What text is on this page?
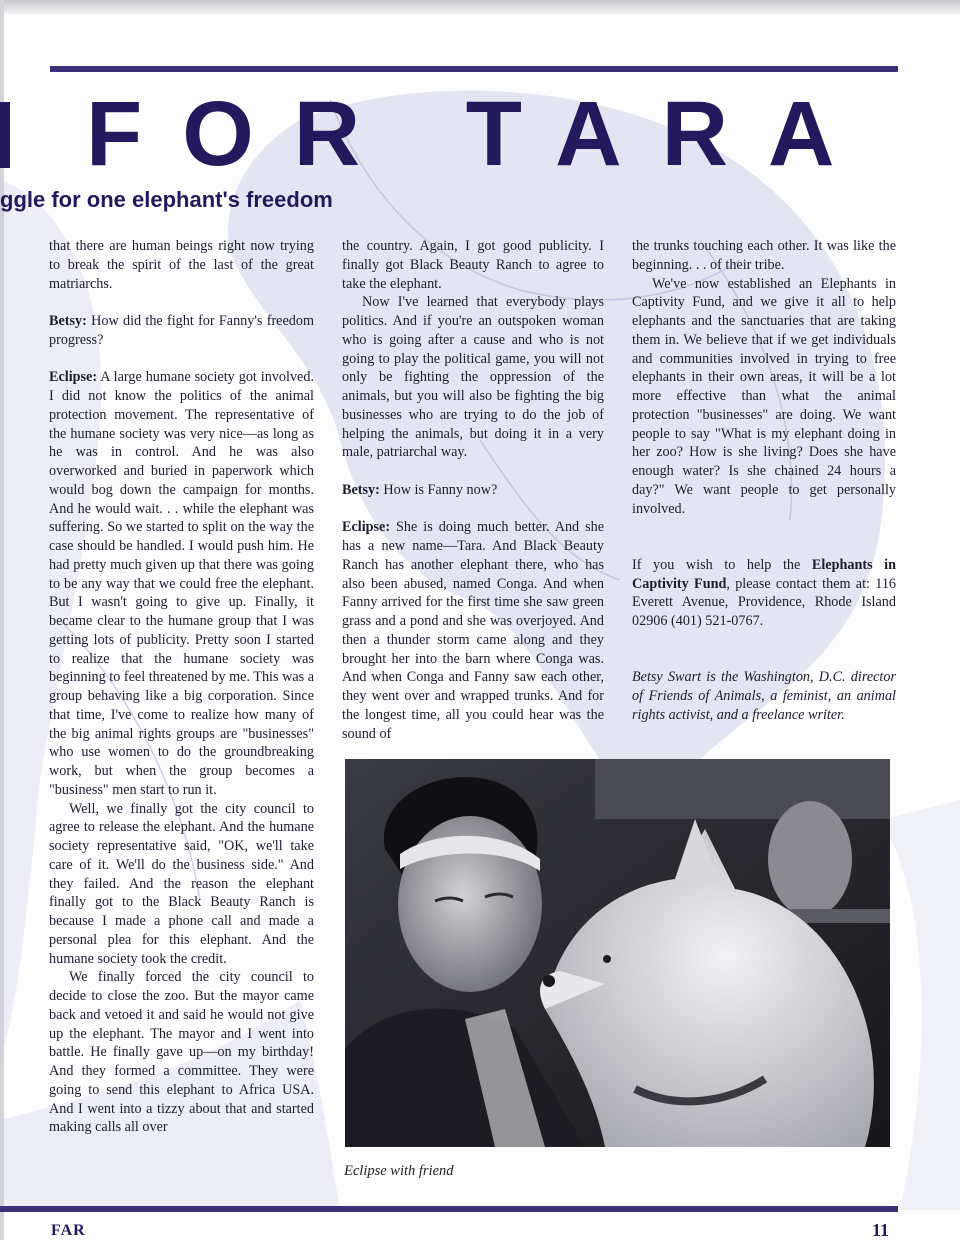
FOR TARA
ggle for one elephant's freedom

that there are human beings right now trying to break the spirit of the last of the great matriarchs.

Betsy: How did the fight for Fanny's freedom progress?

Eclipse: A large humane society got involved. I did not know the politics of the animal protection movement. The representative of the humane society was very nice—as long as he was in control. And he was also overworked and buried in paperwork which would bog down the campaign for months. And he would wait. . . while the elephant was suffering. So we started to split on the way the case should be handled. I would push him. He had pretty much given up that there was going to be any way that we could free the elephant. But I wasn't going to give up. Finally, it became clear to the humane group that I was getting lots of publicity. Pretty soon I started to realize that the humane society was beginning to feel threatened by me. This was a group behaving like a big corporation. Since that time, I've come to realize how many of the big animal rights groups are "businesses" who use women to do the groundbreaking work, but when the group becomes a "business" men start to run it.

Well, we finally got the city council to agree to release the elephant. And the humane society representative said, "OK, we'll take care of it. We'll do the business side." And they failed. And the reason the elephant finally got to the Black Beauty Ranch is because I made a phone call and made a personal plea for this elephant. And the humane society took the credit.

We finally forced the city council to decide to close the zoo. But the mayor came back and vetoed it and said he would not give up the elephant. The mayor and I went into battle. He finally gave up—on my birthday! And they formed a committee. They were going to send this elephant to Africa USA. And I went into a tizzy about that and started making calls all over

the country. Again, I got good publicity. I finally got Black Beauty Ranch to agree to take the elephant.

Now I've learned that everybody plays politics. And if you're an outspoken woman who is going after a cause and who is not going to play the political game, you will not only be fighting the oppression of the animals, but you will also be fighting the big businesses who are trying to do the job of helping the animals, but doing it in a very male, patriarchal way.

Betsy: How is Fanny now?

Eclipse: She is doing much better. And she has a new name—Tara. And Black Beauty Ranch has another elephant there, who has also been abused, named Conga. And when Fanny arrived for the first time she saw green grass and a pond and she was overjoyed. And then a thunder storm came along and they brought her into the barn where Conga was. And when Conga and Fanny saw each other, they went over and wrapped trunks. And for the longest time, all you could hear was the sound of

the trunks touching each other. It was like the beginning. . . of their tribe.

We've now established an Elephants in Captivity Fund, and we give it all to help elephants and the sanctuaries that are taking them in. We believe that if we get individuals and communities involved in trying to free elephants in their own areas, it will be a lot more effective than what the animal protection "businesses" are doing. We want people to say "What is my elephant doing in her zoo? How is she living? Does she have enough water? Is she chained 24 hours a day?" We want people to get personally involved.

If you wish to help the Elephants in Captivity Fund, please contact them at: 116 Everett Avenue, Providence, Rhode Island 02906 (401) 521-0767.

Betsy Swart is the Washington, D.C. director of Friends of Animals, a feminist, an animal rights activist, and a freelance writer.

Eclipse with friend
FAR	11
